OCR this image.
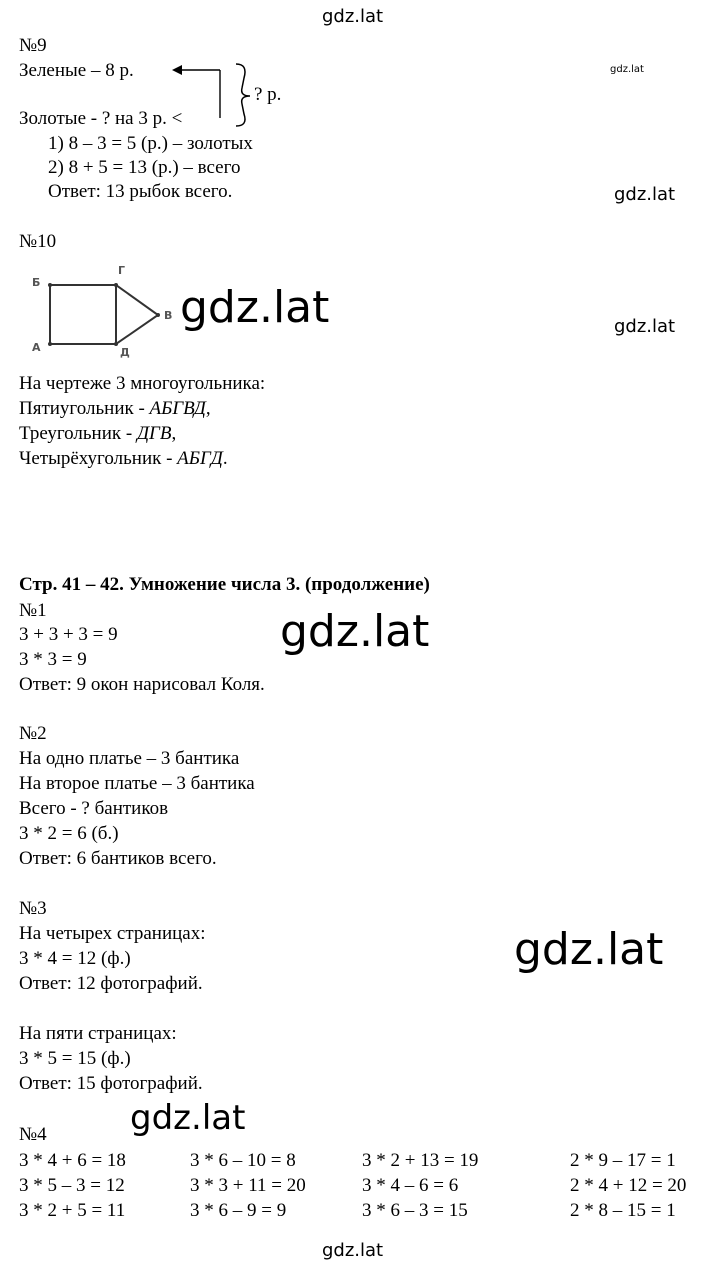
gdz.lat
gdz.lat
gdz.lat
gdz.lat
gdz.lat
gdz.lat
gdz.lat
gdz.lat
gdz.lat
№9
Зеленые – 8 р.
Золотые - ? на 3 р. <
? р.
1) 8 – 3 = 5 (р.) – золотых
2) 8 + 5 = 13 (р.) – всего
Ответ: 13 рыбок всего.
№10
Б
Г
В
А	Д
На чертеже 3 многоугольника:
Пятиугольник - АБГВД,
Треугольник - ДГВ,
Четырёхугольник - АБГД.
Стр. 41 – 42. Умножение числа 3. (продолжение)
№1
3 + 3 + 3 = 9
3 * 3 = 9
Ответ: 9 окон нарисовал Коля.
№2
На одно платье – 3 бантика
На второе платье – 3 бантика
Всего - ? бантиков
3 * 2 = 6 (б.)
Ответ: 6 бантиков всего.
№3
На четырех страницах:
3 * 4 = 12 (ф.)
Ответ: 12 фотографий.
На пяти страницах:
3 * 5 = 15 (ф.)
Ответ: 15 фотографий.
№4
3 * 4 + 6 = 18	3 * 6 – 10 = 8	3 * 2 + 13 = 19	2 * 9 – 17 = 1
3 * 5 – 3 = 12	3 * 3 + 11 = 20	3 * 4 – 6 = 6	2 * 4 + 12 = 20
3 * 2 + 5 = 11	3 * 6 – 9 = 9	3 * 6 – 3 = 15	2 * 8 – 15 = 1
